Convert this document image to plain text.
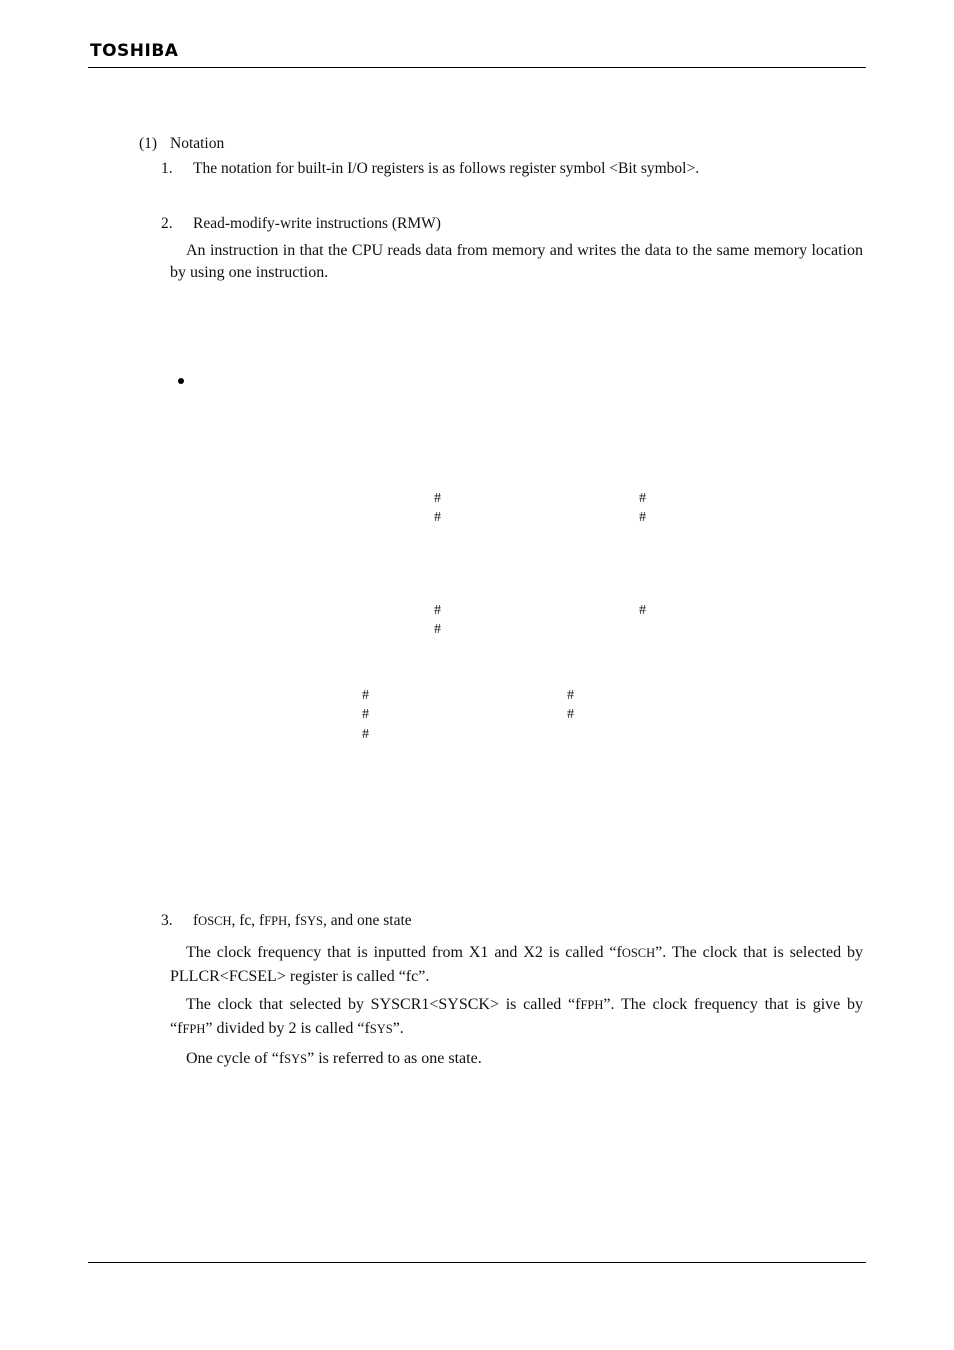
TOSHIBA
(1) Notation
1. The notation for built-in I/O registers is as follows register symbol <Bit symbol>.
2. Read-modify-write instructions (RMW)
An instruction in that the CPU reads data from memory and writes the data to the same memory location by using one instruction.
#	#
#	#
#	#
#
#	#
#	#
#
3. fOSCH, fc, fFPH, fSYS, and one state
The clock frequency that is inputted from X1 and X2 is called “fOSCH”. The clock that is selected by PLLCR<FCSEL> register is called “fc”.
The clock that selected by SYSCR1<SYSCK> is called “fFPH”. The clock frequency that is give by “fFPH” divided by 2 is called “fSYS”.
One cycle of “fSYS” is referred to as one state.
